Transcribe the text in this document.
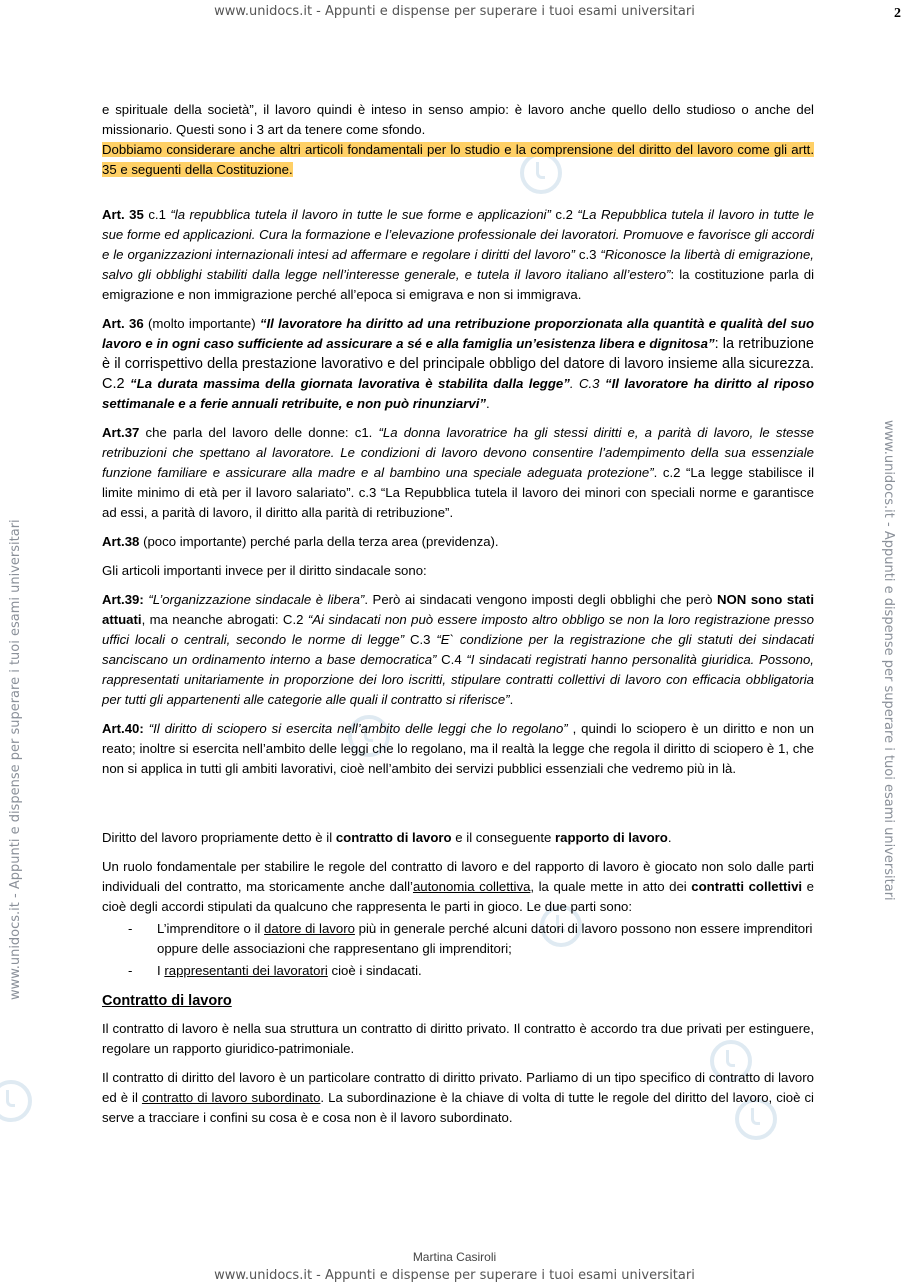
www.unidocs.it - Appunti e dispense per superare i tuoi esami universitari	2
www.unidocs.it - Appunti e dispense per superare i tuoi esami universitari	www.unidocs.it - Appunti e dispense per superare i tuoi esami universitari

e spirituale della società”, il lavoro quindi è inteso in senso ampio: è lavoro anche quello dello studioso o anche del missionario. Questi sono i 3 art da tenere come sfondo.
Dobbiamo considerare anche altri articoli fondamentali per lo studio e la comprensione del diritto del lavoro come gli artt. 35 e seguenti della Costituzione.

Art. 35 c.1 “la repubblica tutela il lavoro in tutte le sue forme e applicazioni” c.2 “La Repubblica tutela il lavoro in tutte le sue forme ed applicazioni. Cura la formazione e l’elevazione professionale dei lavoratori. Promuove e favorisce gli accordi e le organizzazioni internazionali intesi ad affermare e regolare i diritti del lavoro” c.3 “Riconosce la libertà di emigrazione, salvo gli obblighi stabiliti dalla legge nell’interesse generale, e tutela il lavoro italiano all’estero”: la costituzione parla di emigrazione e non immigrazione perché all’epoca si emigrava e non si immigrava.

Art. 36 (molto importante) “Il lavoratore ha diritto ad una retribuzione proporzionata alla quantità e qualità del suo lavoro e in ogni caso sufficiente ad assicurare a sé e alla famiglia un’esistenza libera e dignitosa”: la retribuzione è il corrispettivo della prestazione lavorativo e del principale obbligo del datore di lavoro insieme alla sicurezza. C.2 “La durata massima della giornata lavorativa è stabilita dalla legge”. C.3 “Il lavoratore ha diritto al riposo settimanale e a ferie annuali retribuite, e non può rinunziarvi”.

Art.37 che parla del lavoro delle donne: c1. “La donna lavoratrice ha gli stessi diritti e, a parità di lavoro, le stesse retribuzioni che spettano al lavoratore. Le condizioni di lavoro devono consentire l’adempimento della sua essenziale funzione familiare e assicurare alla madre e al bambino una speciale adeguata protezione”. c.2 “La legge stabilisce il limite minimo di età per il lavoro salariato”. c.3 “La Repubblica tutela il lavoro dei minori con speciali norme e garantisce ad essi, a parità di lavoro, il diritto alla parità di retribuzione”.

Art.38 (poco importante) perché parla della terza area (previdenza).

Gli articoli importanti invece per il diritto sindacale sono:

Art.39: “L’organizzazione sindacale è libera”. Però ai sindacati vengono imposti degli obblighi che però NON sono stati attuati, ma neanche abrogati: C.2 “Ai sindacati non può essere imposto altro obbligo se non la loro registrazione presso uffici locali o centrali, secondo le norme di legge” C.3 “E` condizione per la registrazione che gli statuti dei sindacati sanciscano un ordinamento interno a base democratica” C.4 “I sindacati registrati hanno personalità giuridica. Possono, rappresentati unitariamente in proporzione dei loro iscritti, stipulare contratti collettivi di lavoro con efficacia obbligatoria per tutti gli appartenenti alle categorie alle quali il contratto si riferisce”.

Art.40: “Il diritto di sciopero si esercita nell’ambito delle leggi che lo regolano” , quindi lo sciopero è un diritto e non un reato; inoltre si esercita nell’ambito delle leggi che lo regolano, ma il realtà la legge che regola il diritto di sciopero è 1, che non si applica in tutti gli ambiti lavorativi, cioè nell’ambito dei servizi pubblici essenziali che vedremo più in là.

Diritto del lavoro propriamente detto è il contratto di lavoro e il conseguente rapporto di lavoro.

Un ruolo fondamentale per stabilire le regole del contratto di lavoro e del rapporto di lavoro è giocato non solo dalle parti individuali del contratto, ma storicamente anche dall’autonomia collettiva, la quale mette in atto dei contratti collettivi e cioè degli accordi stipulati da qualcuno che rappresenta le parti in gioco. Le due parti sono:

- L’imprenditore o il datore di lavoro più in generale perché alcuni datori di lavoro possono non essere imprenditori oppure delle associazioni che rappresentano gli imprenditori;
- I rappresentanti dei lavoratori cioè i sindacati.
Contratto di lavoro

Il contratto di lavoro è nella sua struttura un contratto di diritto privato. Il contratto è accordo tra due privati per estinguere, regolare un rapporto giuridico-patrimoniale.

Il contratto di diritto del lavoro è un particolare contratto di diritto privato. Parliamo di un tipo specifico di contratto di lavoro ed è il contratto di lavoro subordinato. La subordinazione è la chiave di volta di tutte le regole del diritto del lavoro, cioè ci serve a tracciare i confini su cosa è e cosa non è il lavoro subordinato.

Martina Casiroli
www.unidocs.it - Appunti e dispense per superare i tuoi esami universitari
